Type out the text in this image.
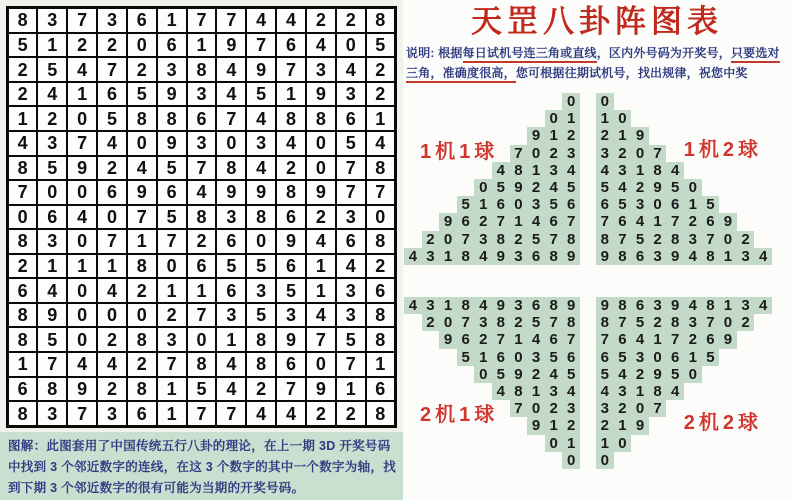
8	3	7	3	6	1	7	7	4	4	2	2	8
5	1	2	2	0	6	1	9	7	6	4	0	5
2	5	4	7	2	3	8	4	9	7	3	4	2
2	4	1	6	5	9	3	4	5	1	9	3	2
1	2	0	5	8	8	6	7	4	8	8	6	1
4	3	7	4	0	9	3	0	3	4	0	5	4
8	5	9	2	4	5	7	8	4	2	0	7	8
7	0	0	6	9	6	4	9	9	8	9	7	7
0	6	4	0	7	5	8	3	8	6	2	3	0
8	3	0	7	1	7	2	6	0	9	4	6	8
2	1	1	1	8	0	6	5	5	6	1	4	2
6	4	0	4	2	1	1	6	3	5	1	3	6
8	9	0	0	0	2	7	3	5	3	4	3	8
8	5	0	2	8	3	0	1	8	9	7	5	8
1	7	4	4	2	7	8	4	8	6	0	7	1
6	8	9	2	8	1	5	4	2	7	9	1	6
8	3	7	3	6	1	7	7	4	4	2	2	8
图解：此图套用了中国传统五行八卦的理论，在上一期 3D 开奖号码
中找到 3 个邻近数字的连线，在这 3 个数字的其中一个数字为轴，找
到下期 3 个邻近数字的很有可能为当期的开奖号码。
天罡八卦阵图表
说明: 根据每日试机号连三角或直线，区内外号码为开奖号，只要选对
三角，准确度很高，您可根据往期试机号，找出规律，祝您中奖
1机1球
0
0 1
9 1 2
7 0 2 3
4 8 1 3 4
0 5 9 2 4 5
5 1 6 0 3 5 6
9 6 2 7 1 4 6 7
2 0 7 3 8 2 5 7 8
4 3 1 8 4 9 3 6 8 9
1机2球
0
1 0
2 1 9
3 2 0 7
4 3 1 8 4
5 4 2 9 5 0
6 5 3 0 6 1 5
7 6 4 1 7 2 6 9
8 7 5 2 8 3 7 0 2
9 8 6 3 9 4 8 1 3 4
2机1球
4 3 1 8 4 9 3 6 8 9
2 0 7 3 8 2 5 7 8
9 6 2 7 1 4 6 7
5 1 6 0 3 5 6
0 5 9 2 4 5
4 8 1 3 4
7 0 2 3
9 1 2
0 1
0
2机2球
9 8 6 3 9 4 8 1 3 4
8 7 5 2 8 3 7 0 2
7 6 4 1 7 2 6 9
6 5 3 0 6 1 5
5 4 2 9 5 0
4 3 1 8 4
3 2 0 7
2 1 9
1 0
0
